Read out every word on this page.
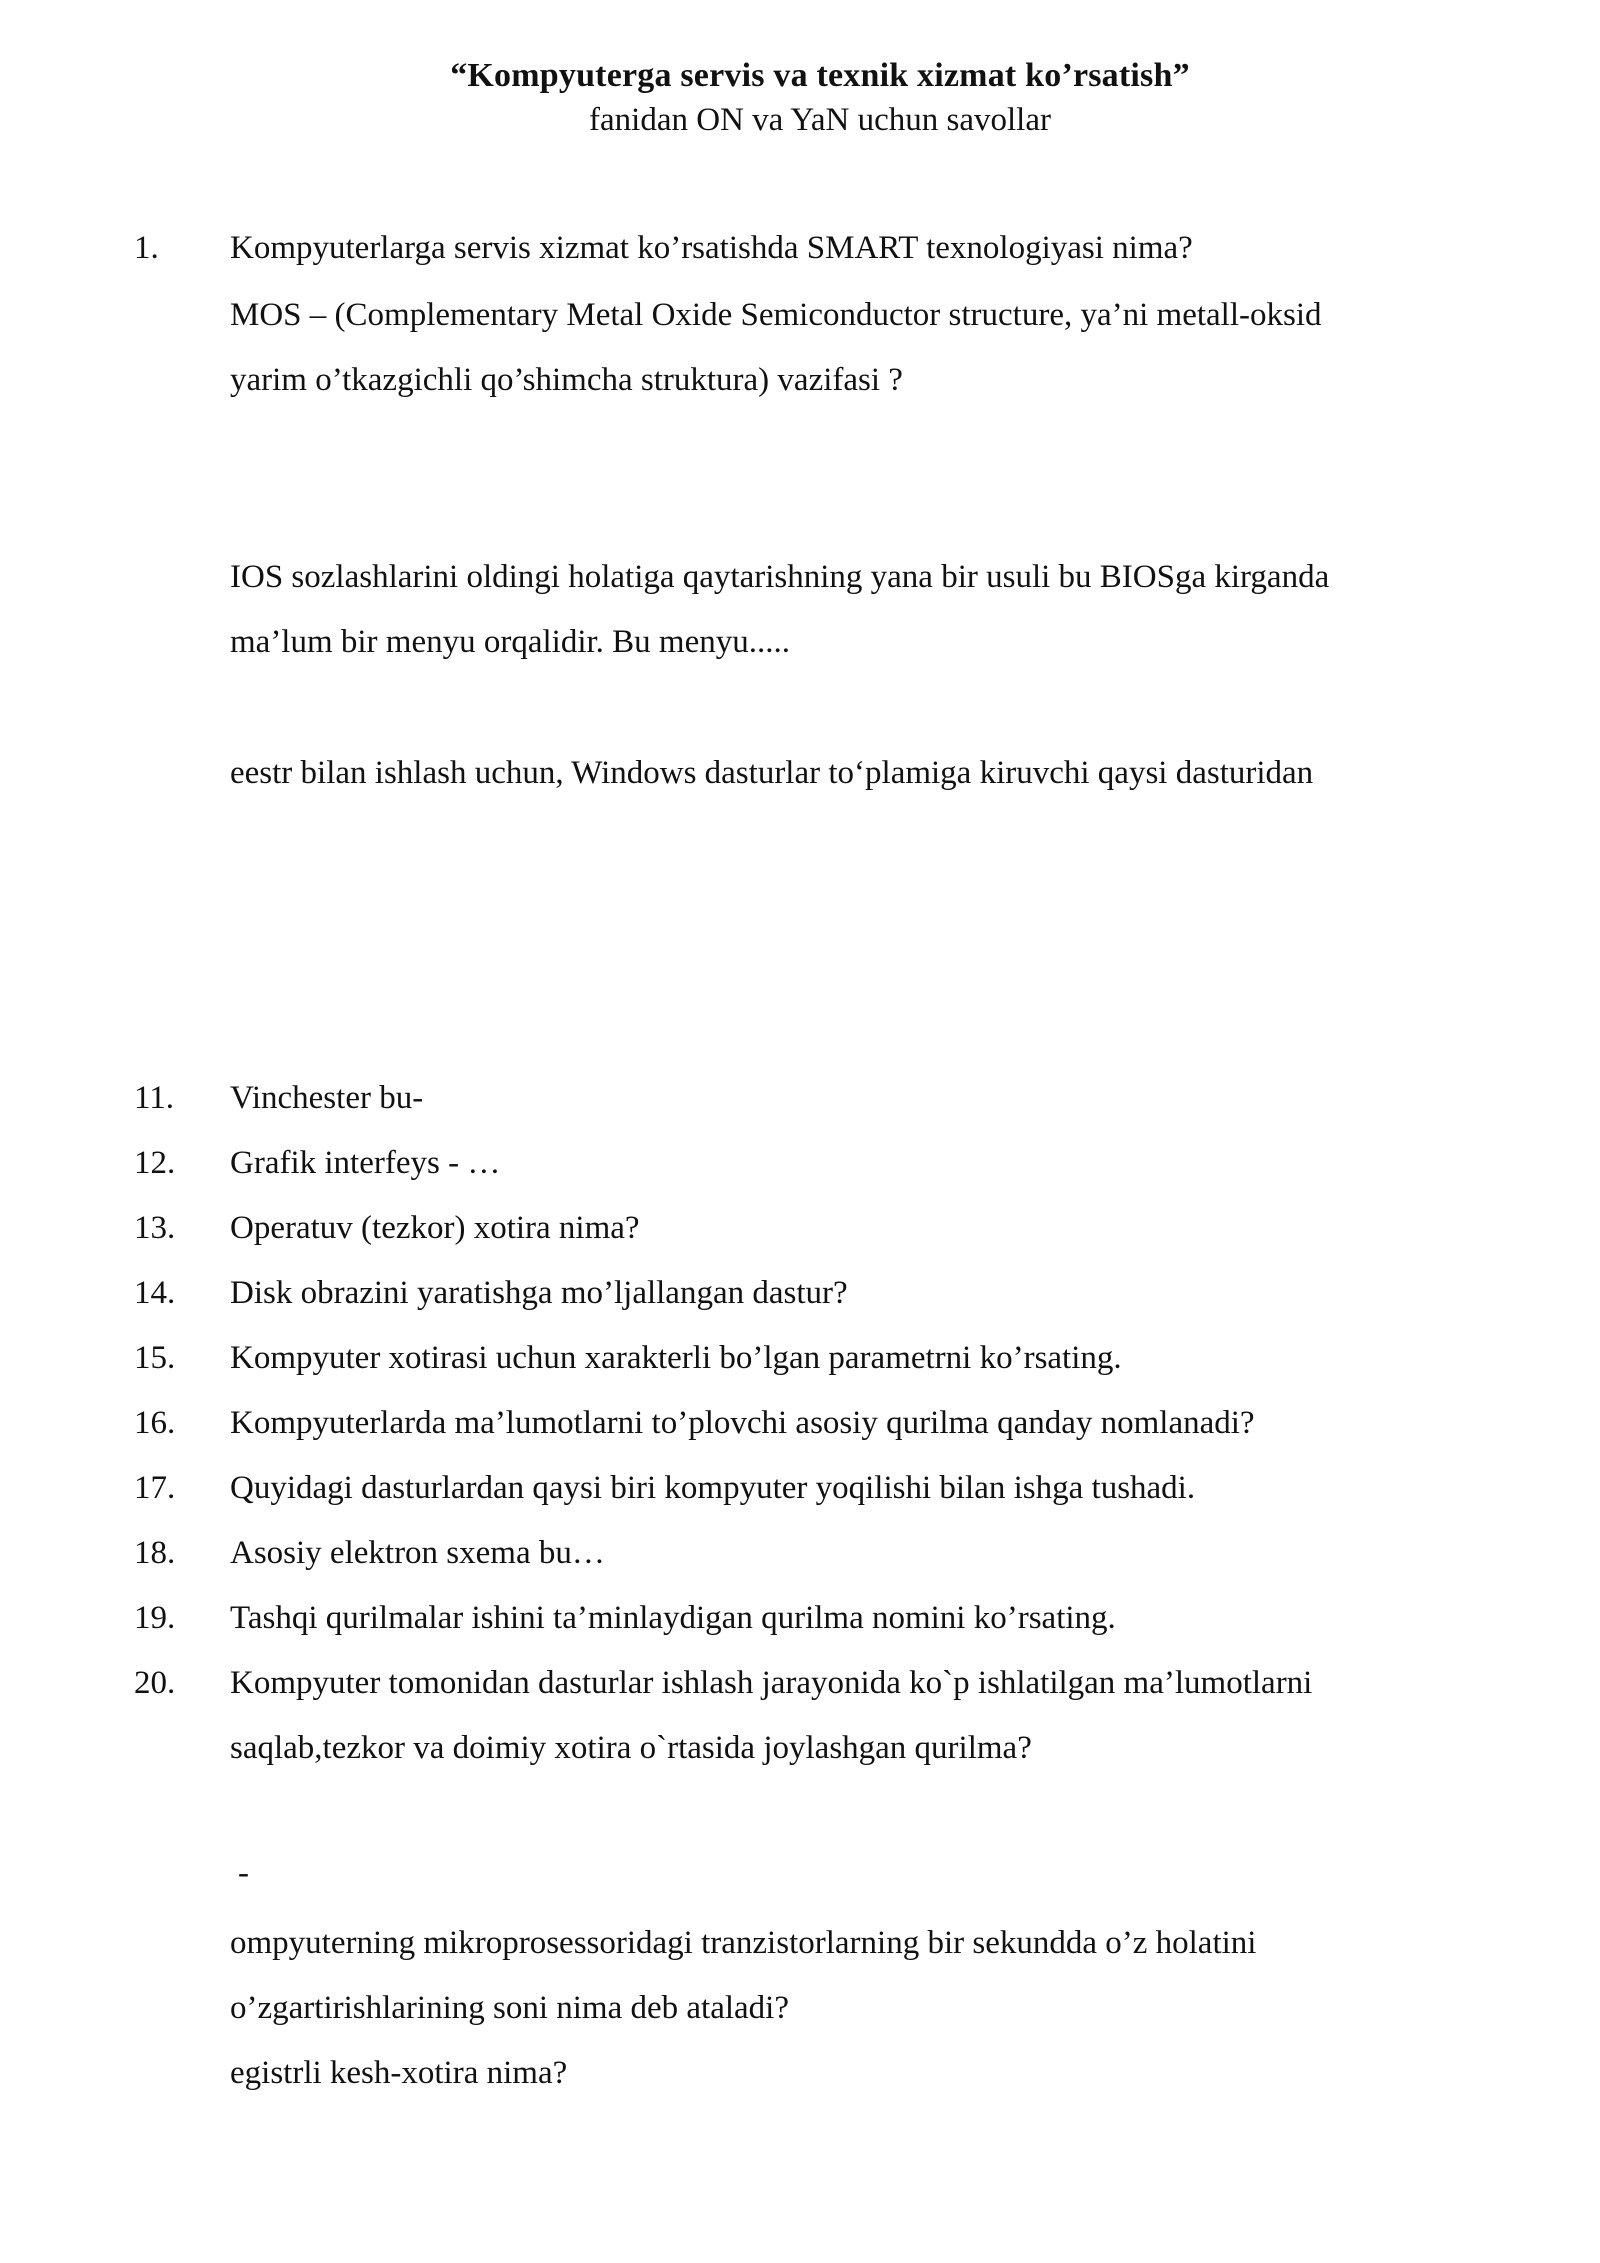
“Kompyuterga servis va texnik xizmat ko’rsatish”
fanidan ON va YaN uchun savollar
1. Kompyuterlarga servis xizmat ko’rsatishda SMART texnologiyasi nima?
MOS – (Complementary Metal Oxide Semiconductor structure, ya’ni metall-oksid
yarim o’tkazgichli qo’shimcha struktura) vazifasi ?
IOS sozlashlarini oldingi holatiga qaytarishning yana bir usuli bu BIOSga kirganda
ma’lum bir menyu orqalidir. Bu menyu.....
eestr bilan ishlash uchun, Windows dasturlar to‘plamiga kiruvchi qaysi dasturidan
11. Vinchester bu-
12. Grafik interfeys - …
13. Operatuv (tezkor) xotira nima?
14. Disk obrazini yaratishga mo’ljallangan dastur?
15. Kompyuter xotirasi uchun xarakterli bo’lgan parametrni ko’rsating.
16. Kompyuterlarda ma’lumotlarni to’plovchi asosiy qurilma qanday nomlanadi?
17. Quyidagi dasturlardan qaysi biri kompyuter yoqilishi bilan ishga tushadi.
18. Asosiy elektron sxema bu…
19. Tashqi qurilmalar ishini ta’minlaydigan qurilma nomini ko’rsating.
20. Kompyuter tomonidan dasturlar ishlash jarayonida ko`p ishlatilgan ma’lumotlarni
saqlab,tezkor va doimiy xotira o`rtasida joylashgan qurilma?
-
ompyuterning mikroprosessoridagi tranzistorlarning bir sekundda o’z holatini
o’zgartirishlarining soni nima deb ataladi?
egistrli kesh-xotira nima?
